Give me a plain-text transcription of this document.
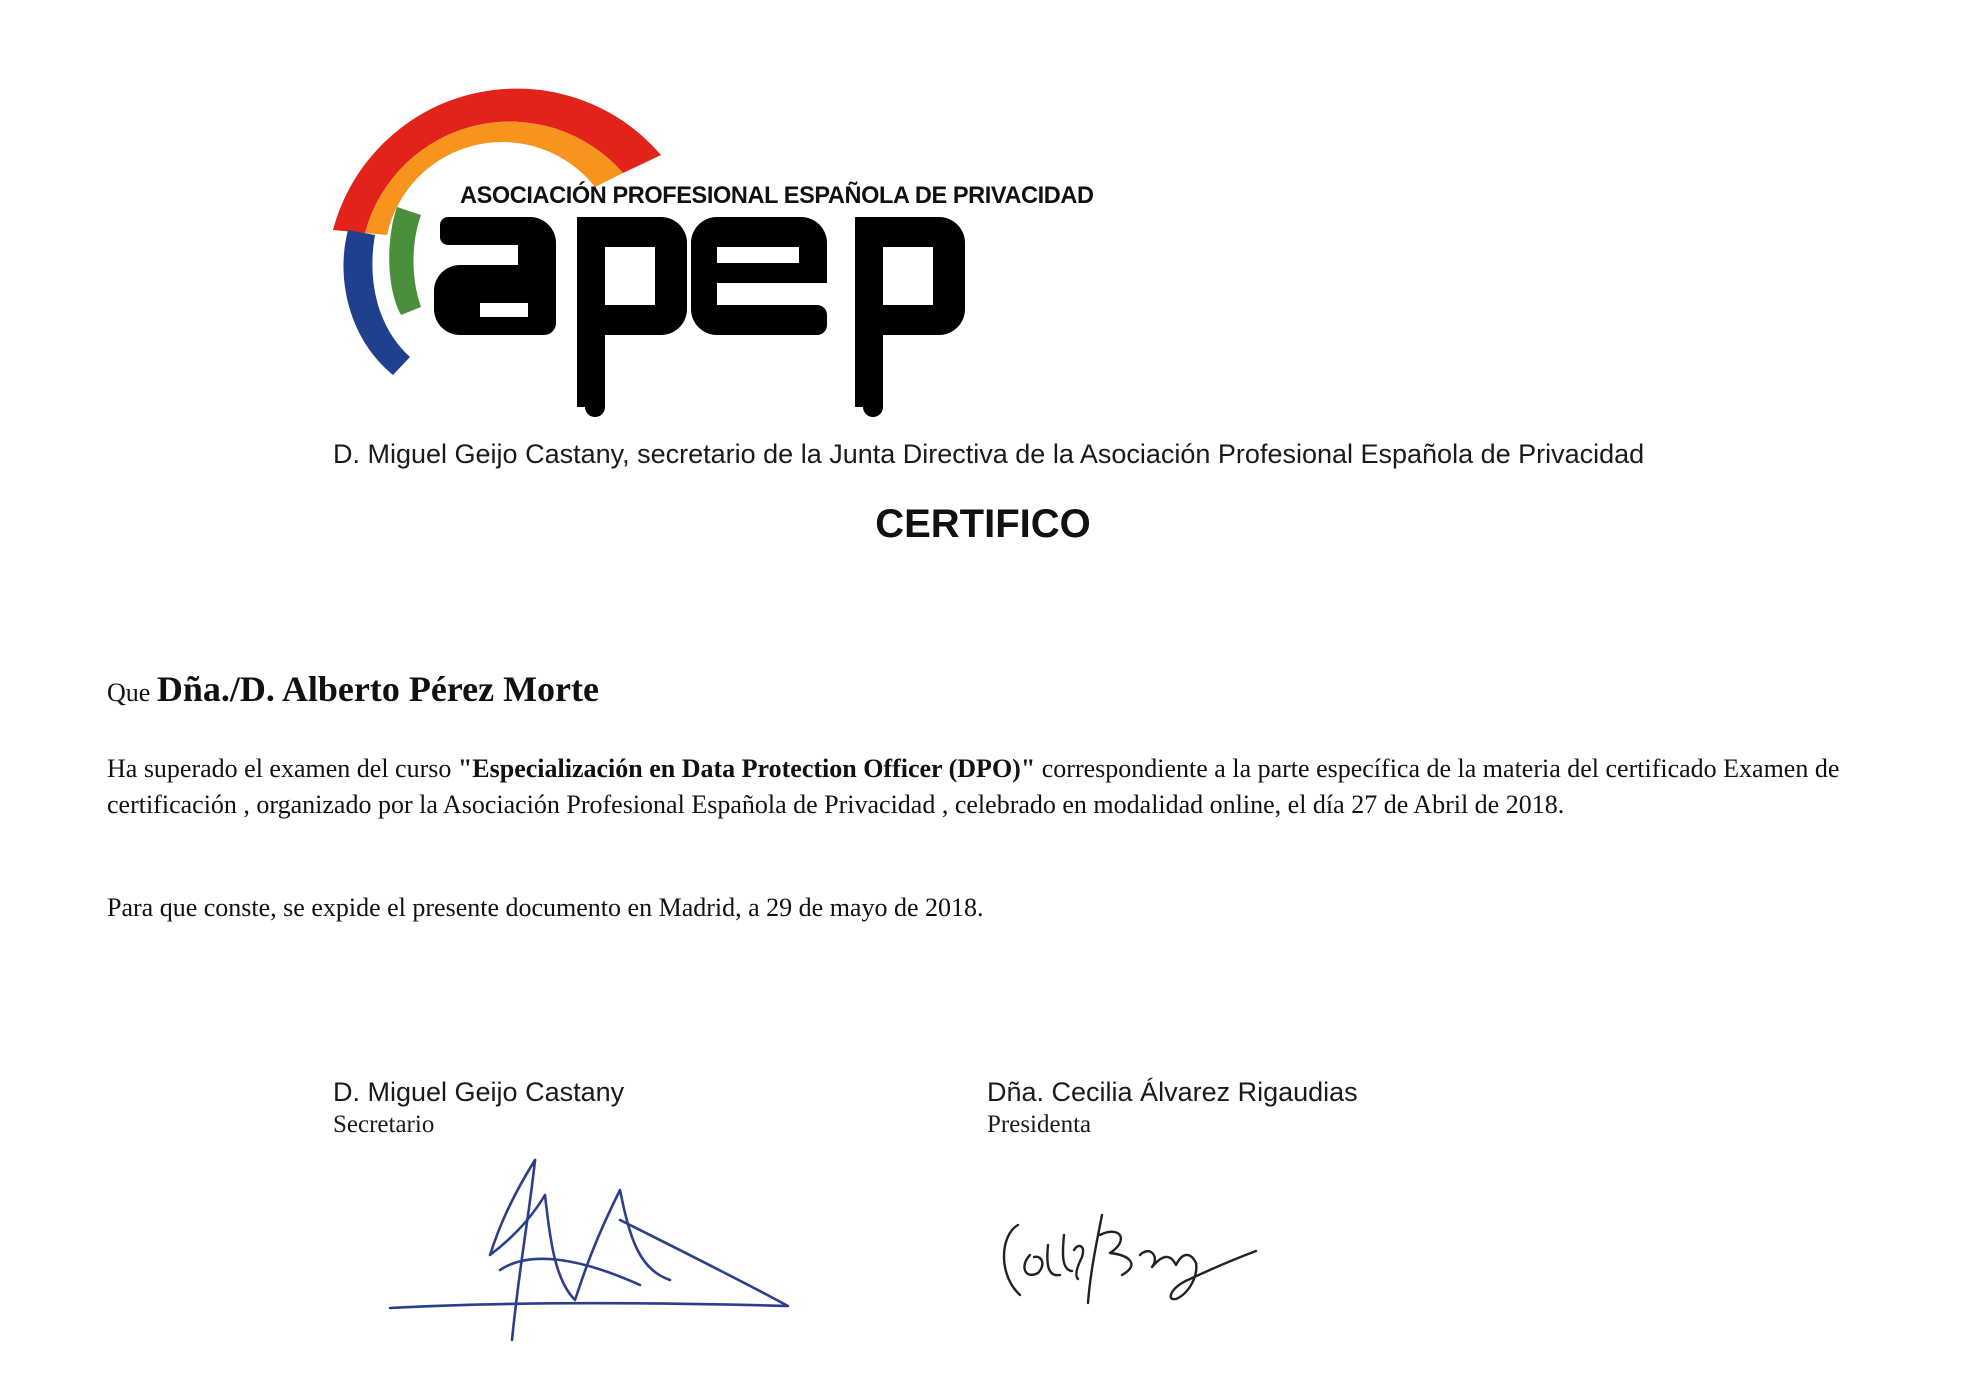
ASOCIACIÓN PROFESIONAL ESPAÑOLA DE PRIVACIDAD
D. Miguel Geijo Castany, secretario de la Junta Directiva de la Asociación Profesional Española de Privacidad
CERTIFICO
Que Dña./D. Alberto Pérez Morte
Ha superado el examen del curso "Especialización en Data Protection Officer (DPO)" correspondiente a la parte específica de la materia del certificado Examen de certificación , organizado por la Asociación Profesional Española de Privacidad , celebrado en modalidad online, el día 27 de Abril de 2018.
Para que conste, se expide el presente documento en Madrid, a 29 de mayo de 2018.
D. Miguel Geijo Castany
Secretario
Dña. Cecilia Álvarez Rigaudias
Presidenta
